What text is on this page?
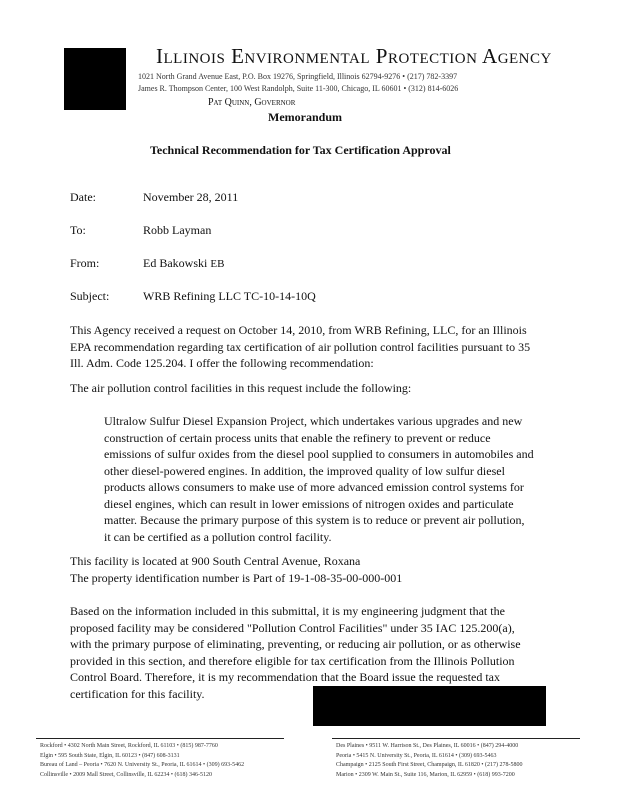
Illinois Environmental Protection Agency
1021 North Grand Avenue East, P.O. Box 19276, Springfield, Illinois 62794-9276 • (217) 782-3397
James R. Thompson Center, 100 West Randolph, Suite 11-300, Chicago, IL 60601 • (312) 814-6026
Pat Quinn, Governor
Memorandum
Technical Recommendation for Tax Certification Approval
Date:	November 28, 2011
To:	Robb Layman
From:	Ed Bakowski EB
Subject:	WRB Refining LLC TC-10-14-10Q
This Agency received a request on October 14, 2010, from WRB Refining, LLC, for an Illinois
EPA recommendation regarding tax certification of air pollution control facilities pursuant to 35
Ill. Adm. Code 125.204. I offer the following recommendation:
The air pollution control facilities in this request include the following:
Ultralow Sulfur Diesel Expansion Project, which undertakes various upgrades and new
construction of certain process units that enable the refinery to prevent or reduce
emissions of sulfur oxides from the diesel pool supplied to consumers in automobiles and
other diesel-powered engines. In addition, the improved quality of low sulfur diesel
products allows consumers to make use of more advanced emission control systems for
diesel engines, which can result in lower emissions of nitrogen oxides and particulate
matter. Because the primary purpose of this system is to reduce or prevent air pollution,
it can be certified as a pollution control facility.
This facility is located at 900 South Central Avenue, Roxana
The property identification number is Part of 19-1-08-35-00-000-001
Based on the information included in this submittal, it is my engineering judgment that the
proposed facility may be considered "Pollution Control Facilities" under 35 IAC 125.200(a),
with the primary purpose of eliminating, preventing, or reducing air pollution, or as otherwise
provided in this section, and therefore eligible for tax certification from the Illinois Pollution
Control Board. Therefore, it is my recommendation that the Board issue the requested tax
certification for this facility.
Rockford • 4302 North Main Street, Rockford, IL 61103 • (815) 987-7760
Elgin • 595 South State, Elgin, IL 60123 • (847) 608-3131
Bureau of Land – Peoria • 7620 N. University St., Peoria, IL 61614 • (309) 693-5462
Collinsville • 2009 Mall Street, Collinsville, IL 62234 • (618) 346-5120
Des Plaines • 9511 W. Harrison St., Des Plaines, IL 60016 • (847) 294-4000
Peoria • 5415 N. University St., Peoria, IL 61614 • (309) 693-5463
Champaign • 2125 South First Street, Champaign, IL 61820 • (217) 278-5800
Marion • 2309 W. Main St., Suite 116, Marion, IL 62959 • (618) 993-7200
